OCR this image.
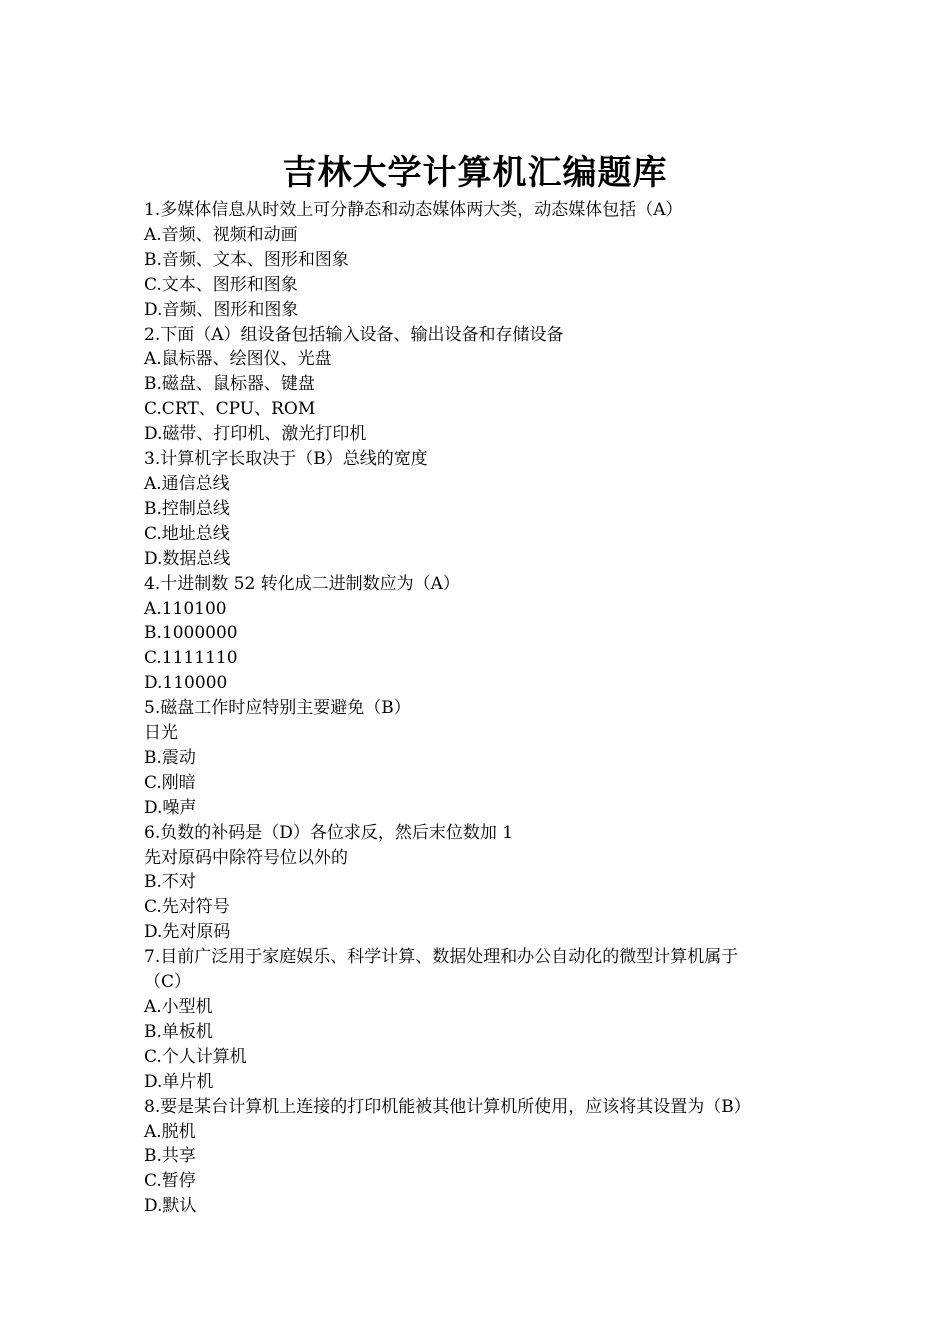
吉林大学计算机汇编题库
1.多媒体信息从时效上可分静态和动态媒体两大类，动态媒体包括（A）
A.音频、视频和动画
B.音频、文本、图形和图象
C.文本、图形和图象
D.音频、图形和图象
2.下面（A）组设备包括输入设备、输出设备和存储设备
A.鼠标器、绘图仪、光盘
B.磁盘、鼠标器、键盘
C.CRT、CPU、ROM
D.磁带、打印机、激光打印机
3.计算机字长取决于（B）总线的宽度
A.通信总线
B.控制总线
C.地址总线
D.数据总线
4.十进制数 52 转化成二进制数应为（A）
A.110100
B.1000000
C.1111110
D.110000
5.磁盘工作时应特别主要避免（B）
日光
B.震动
C.刚暗
D.噪声
6.负数的补码是（D）各位求反，然后末位数加 1
先对原码中除符号位以外的
B.不对
C.先对符号
D.先对原码
7.目前广泛用于家庭娱乐、科学计算、数据处理和办公自动化的微型计算机属于
（C）
A.小型机
B.单板机
C.个人计算机
D.单片机
8.要是某台计算机上连接的打印机能被其他计算机所使用，应该将其设置为（B）
A.脱机
B.共享
C.暂停
D.默认
